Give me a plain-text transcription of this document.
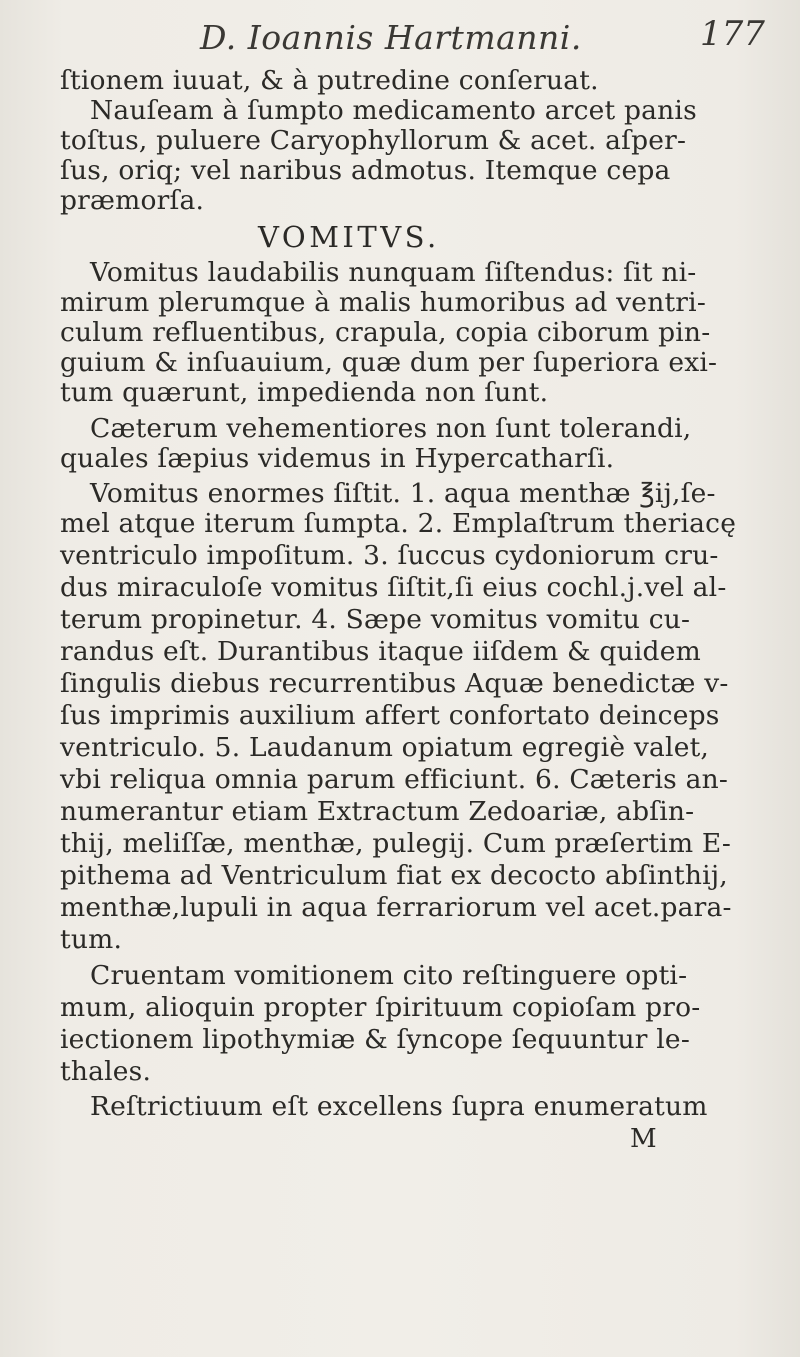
D. Ioannis Hartmanni.	177
ſtionem iuuat, & à putredine conſeruat.
Nauſeam à ſumpto medicamento arcet panis
toſtus, puluere Caryophyllorum & acet. aſper-
ſus, oriq; vel naribus admotus. Itemque cepa
præmorſa.
VOMITVS.
Vomitus laudabilis nunquam ſiſtendus: ſit ni-
mirum plerumque à malis humoribus ad ventri-
culum refluentibus, crapula, copia ciborum pin-
guium & inſuauium, quæ dum per ſuperiora exi-
tum quærunt, impedienda non ſunt.
Cæterum vehementiores non ſunt tolerandi,
quales ſæpius videmus in Hypercatharſi.
Vomitus enormes ſiſtit. 1. aqua menthæ ℥ij,ſe-
mel atque iterum ſumpta. 2. Emplaſtrum theriacę
ventriculo impoſitum. 3. ſuccus cydoniorum cru-
dus miraculoſe vomitus ſiſtit,ſi eius cochl.j.vel al-
terum propinetur. 4. Sæpe vomitus vomitu cu-
randus eſt. Durantibus itaque iiſdem & quidem
ſingulis diebus recurrentibus Aquæ benedictæ v-
ſus imprimis auxilium affert confortato deinceps
ventriculo. 5. Laudanum opiatum egregiè valet,
vbi reliqua omnia parum efficiunt. 6. Cæteris an-
numerantur etiam Extractum Zedoariæ, abſin-
thij, meliſſæ, menthæ, pulegij. Cum præſertim E-
pithema ad Ventriculum fiat ex decocto abſinthij,
menthæ,lupuli in aqua ferrariorum vel acet.para-
tum.
Cruentam vomitionem cito reſtinguere opti-
mum, alioquin propter ſpirituum copioſam pro-
iectionem lipothymiæ & ſyncope ſequuntur le-
thales.
Reſtrictiuum eſt excellens ſupra enumeratum
M
